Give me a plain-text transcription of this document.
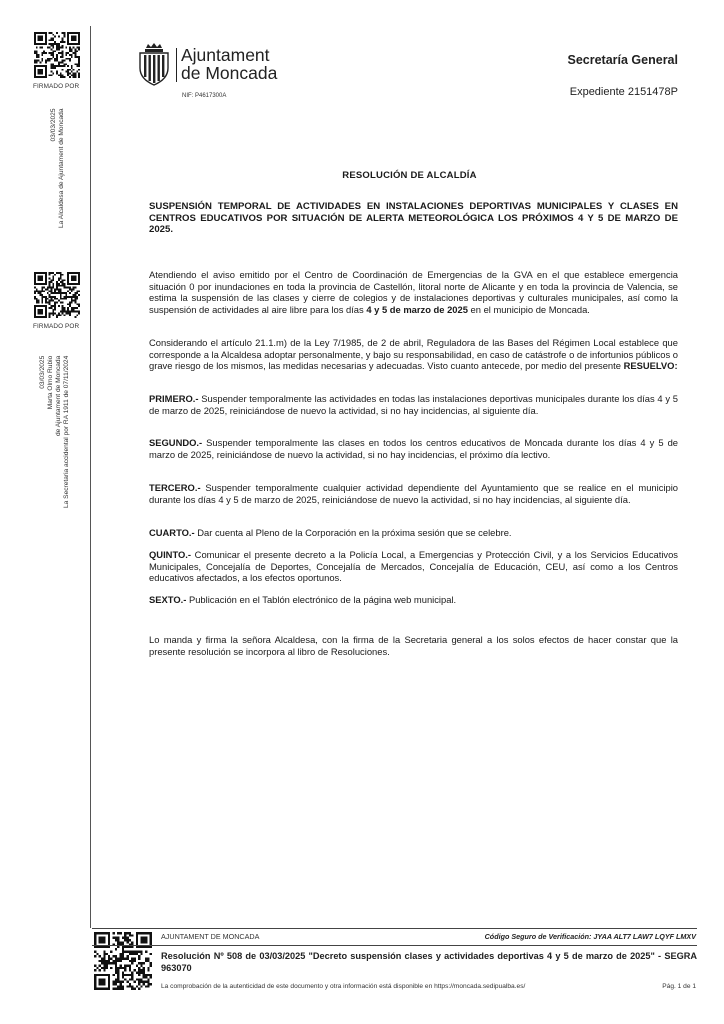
FIRMADO POR
03/03/2025 La Alcaldesa de Ajuntament de Moncada
FIRMADO POR
03/03/2025 Marta Olmo Rubio de Ajuntament de Moncada La Secretaria accidental por RA 1911 de 07/11/2024
Ajuntament
de Moncada
NIF: P4617300A
Secretaría General
Expediente 2151478P
RESOLUCIÓN DE ALCALDÍA
SUSPENSIÓN TEMPORAL DE ACTIVIDADES EN INSTALACIONES DEPORTIVAS MUNICIPALES Y CLASES EN CENTROS EDUCATIVOS POR SITUACIÓN DE ALERTA METEOROLÓGICA LOS PRÓXIMOS 4 Y 5 DE MARZO DE 2025.
Atendiendo el aviso emitido por el Centro de Coordinación de Emergencias de la GVA en el que establece emergencia situación 0 por inundaciones en toda la provincia de Castellón, litoral norte de Alicante y en toda la provincia de Valencia, se estima la suspensión de las clases y cierre de colegios y de instalaciones deportivas y culturales municipales, así como la suspensión de actividades al aire libre para los días 4 y 5 de marzo de 2025 en el municipio de Moncada.
Considerando el artículo 21.1.m) de la Ley 7/1985, de 2 de abril, Reguladora de las Bases del Régimen Local establece que corresponde a la Alcaldesa adoptar personalmente, y bajo su responsabilidad, en caso de catástrofe o de infortunios públicos o grave riesgo de los mismos, las medidas necesarias y adecuadas. Visto cuanto antecede, por medio del presente RESUELVO:
PRIMERO.- Suspender temporalmente las actividades en todas las instalaciones deportivas municipales durante los días 4 y 5 de marzo de 2025, reiniciándose de nuevo la actividad, si no hay incidencias, al siguiente día.
SEGUNDO.- Suspender temporalmente las clases en todos los centros educativos de Moncada durante los días 4 y 5 de marzo de 2025, reiniciándose de nuevo la actividad, si no hay incidencias, el próximo día lectivo.
TERCERO.- Suspender temporalmente cualquier actividad dependiente del Ayuntamiento que se realice en el municipio durante los días 4 y 5 de marzo de 2025, reiniciándose de nuevo la actividad, si no hay incidencias, al siguiente día.
CUARTO.- Dar cuenta al Pleno de la Corporación en la próxima sesión que se celebre.
QUINTO.- Comunicar el presente decreto a la Policía Local, a Emergencias y Protección Civil, y a los Servicios Educativos Municipales, Concejalía de Deportes, Concejalía de Mercados, Concejalía de Educación, CEU, así como a los Centros educativos afectados, a los efectos oportunos.
SEXTO.- Publicación en el Tablón electrónico de la página web municipal.
Lo manda y firma la señora Alcaldesa, con la firma de la Secretaria general a los solos efectos de hacer constar que la presente resolución se incorpora al libro de Resoluciones.
AJUNTAMENT DE MONCADA	Código Seguro de Verificación: JYAA ALT7 LAW7 LQYF LMXV
Resolución Nº 508 de 03/03/2025 "Decreto suspensión clases y actividades deportivas 4 y 5 de marzo de 2025" - SEGRA 963070
La comprobación de la autenticidad de este documento y otra información está disponible en https://moncada.sedipualba.es/	Pág. 1 de 1
